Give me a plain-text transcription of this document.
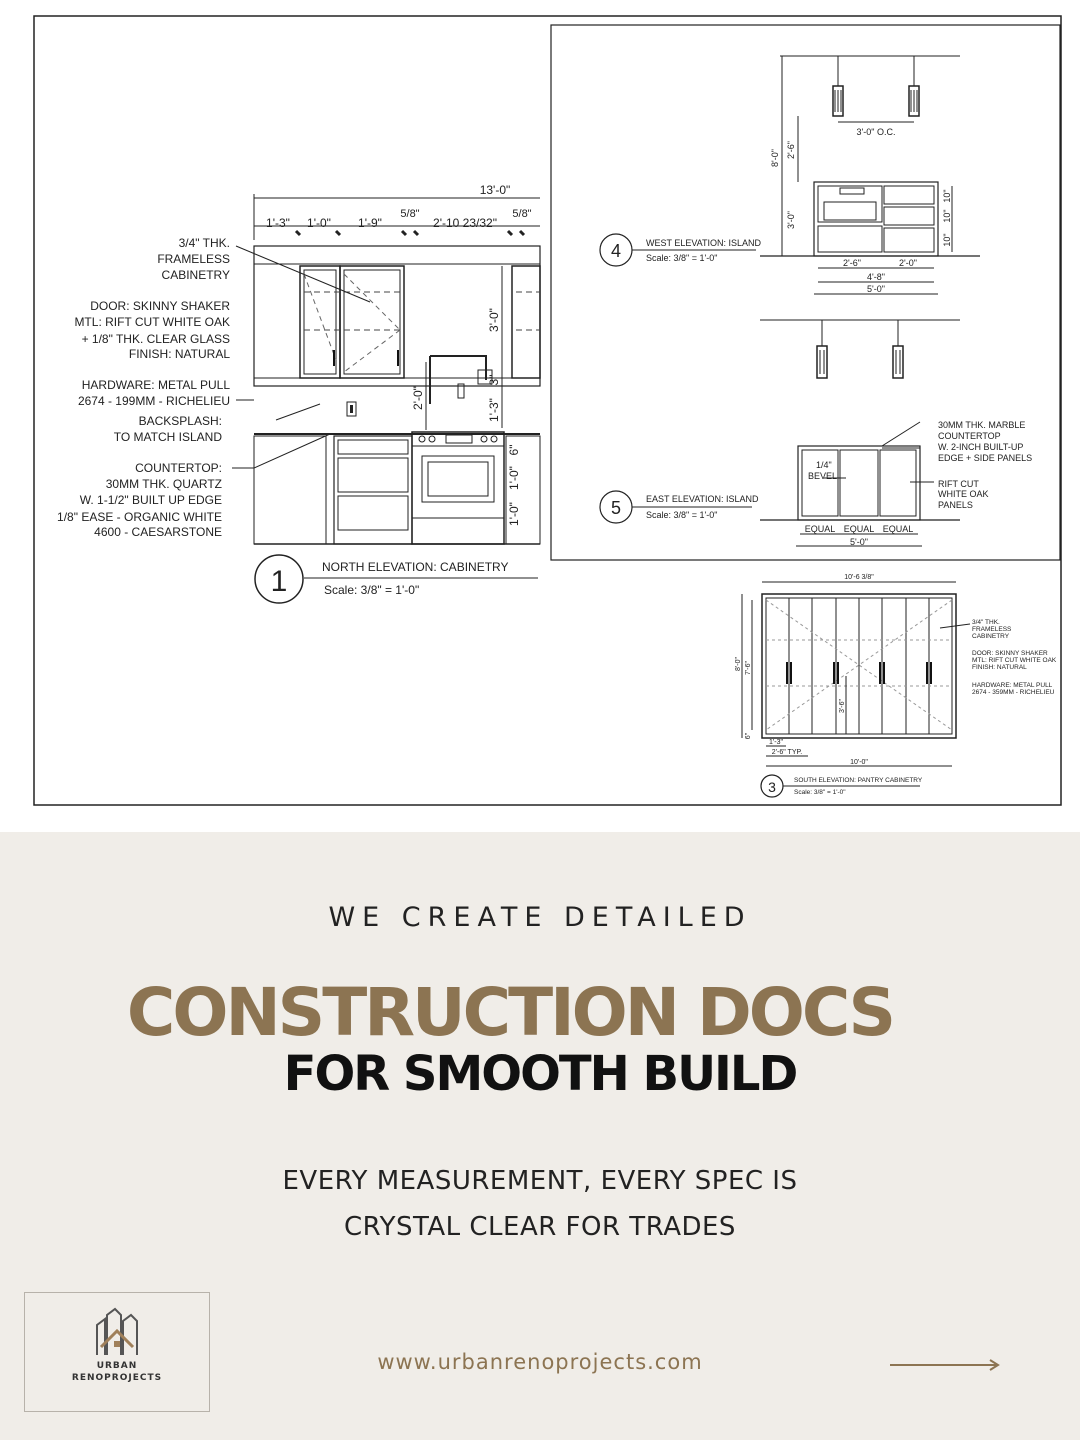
13'-0"
1'-3" 1'-0" 1'-9"
5/8"
2'-10 23/32"
5/8"
3'-0"
2'-0"
1'-3"
3"
6"
1'-0"
1'-0"
3/4" THK.
FRAMELESS
CABINETRY
DOOR: SKINNY SHAKER
MTL: RIFT CUT WHITE OAK
+ 1/8" THK. CLEAR GLASS
FINISH: NATURAL
HARDWARE: METAL PULL
2674 - 199MM - RICHELIEU
BACKSPLASH:
TO MATCH ISLAND
COUNTERTOP:
30MM THK. QUARTZ
W. 1-1/2" BUILT UP EDGE
1/8" EASE - ORGANIC WHITE
4600 - CAESARSTONE
1	NORTH ELEVATION: CABINETRY
Scale: 3/8" = 1'-0"
3'-0" O.C.
8'-0" 2'-6"
3'-0"
2'-6"	2'-0"
4'-8"
5'-0"
10"
10"
10"
4	WEST ELEVATION: ISLAND
Scale: 3/8" = 1'-0"
1/4"
BEVEL
30MM THK. MARBLE
COUNTERTOP
W. 2-INCH BUILT-UP
EDGE + SIDE PANELS
RIFT CUT
WHITE OAK
PANELS
EQUAL EQUAL EQUAL
5'-0"
5	EAST ELEVATION: ISLAND
Scale: 3/8" = 1'-0"
10'-6 3/8"
8'-0" 7'-6"
3'-6"
6"
1'-3"
2'-6" TYP.
10'-0"
3/4" THK.
FRAMELESS
CABINETRY
DOOR: SKINNY SHAKER
MTL: RIFT CUT WHITE OAK
FINISH: NATURAL
HARDWARE: METAL PULL
2674 - 359MM - RICHELIEU
3	SOUTH ELEVATION: PANTRY CABINETRY
Scale: 3/8" = 1'-0"
WE CREATE DETAILED
CONSTRUCTION DOCS
FOR SMOOTH BUILD
EVERY MEASUREMENT, EVERY SPEC IS
CRYSTAL CLEAR FOR TRADES
URBAN
RENOPROJECTS
www.urbanrenoprojects.com
